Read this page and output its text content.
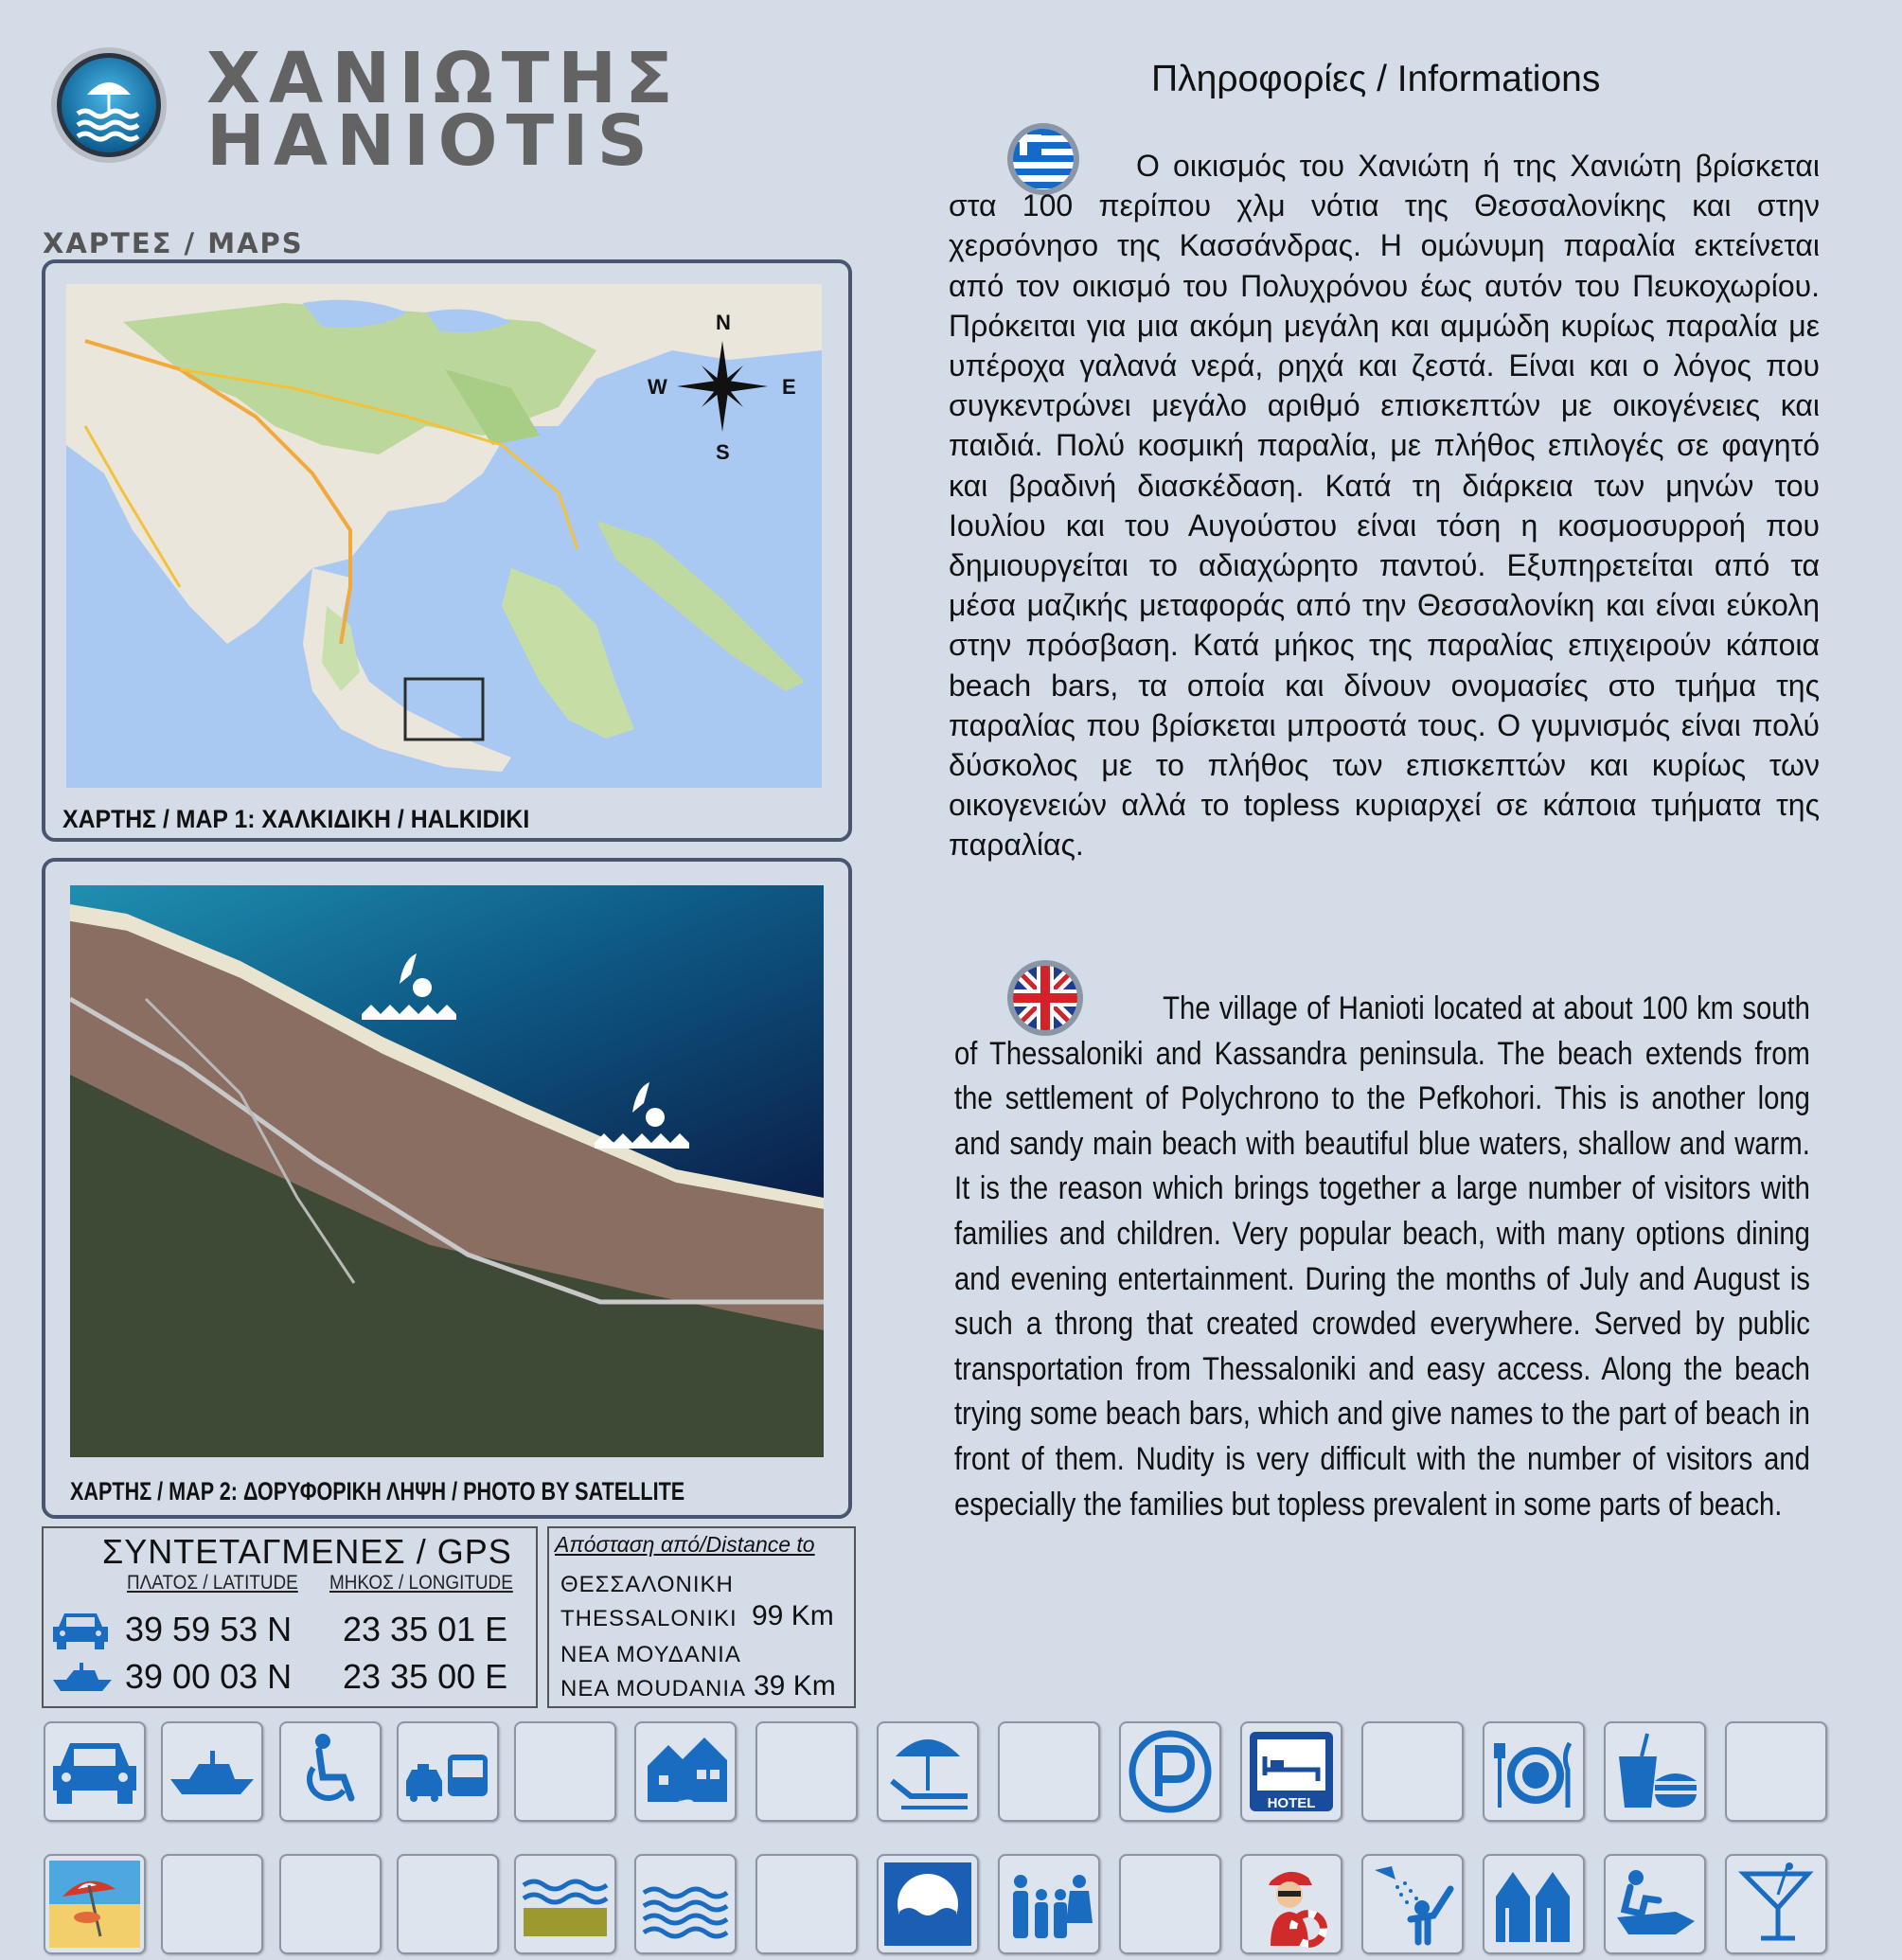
ΧΑΝΙΩΤΗΣ
HANIOTIS
ΧΑΡΤΕΣ / MAPS
N
S
E
W
ΧΑΡΤΗΣ / MAP 1: ΧΑΛΚΙΔΙΚΗ / HALKIDIKI
ΧΑΡΤΗΣ / MAP 2: ΔΟΡΥΦΟΡΙΚΗ ΛΗΨΗ / PHOTO BY SATELLITE
ΣΥΝΤΕΤΑΓΜΕΝΕΣ / GPS
ΠΛΑΤΟΣ / LATITUDE ΜΗΚΟΣ / LONGITUDE
39 59 53 N 23 35 01 E
39 00 03 N 23 35 00 E
Απόσταση από/Distance to
ΘΕΣΣΑΛΟΝΙΚΗ
THESSALONIKI 99 Km
ΝΕΑ ΜΟΥΔΑΝΙΑ
NEA MOUDANIA 39 Km
Πληροφορίες / Informations

Ο οικισμός του Χανιώτη ή της Χανιώτη βρίσκεται στα 100 περίπου χλμ νότια της Θεσσαλονίκης και στην χερσόνησο της Κασσάνδρας. Η ομώνυμη παραλία εκτείνεται από τον οικισμό του Πολυχρόνου έως αυτόν του Πευκοχωρίου. Πρόκειται για μια ακόμη μεγάλη και αμμώδη κυρίως παραλία με υπέροχα γαλανά νερά, ρηχά και ζεστά. Είναι και ο λόγος που συγκεντρώνει μεγάλο αριθμό επισκεπτών με οικογένειες και παιδιά. Πολύ κοσμική παραλία, με πλήθος επιλογές σε φαγητό και βραδινή διασκέδαση. Κατά τη διάρκεια των μηνών του Ιουλίου και του Αυγούστου είναι τόση η κοσμοσυρροή που δημιουργείται το αδιαχώρητο παντού. Εξυπηρετείται από τα μέσα μαζικής μεταφοράς από την Θεσσαλονίκη και είναι εύκολη στην πρόσβαση. Κατά μήκος της παραλίας επιχειρούν κάποια beach bars, τα οποία και δίνουν ονομασίες στο τμήμα της παραλίας που βρίσκεται μπροστά τους. Ο γυμνισμός είναι πολύ δύσκολος με το πλήθος των επισκεπτών και κυρίως των οικογενειών αλλά το topless κυριαρχεί σε κάποια τμήματα της παραλίας.

The village of Hanioti located at about 100 km south of Thessaloniki and Kassandra peninsula. The beach extends from the settlement of Polychrono to the Pefkohori. This is another long and sandy main beach with beautiful blue waters, shallow and warm. It is the reason which brings together a large number of visitors with families and children. Very popular beach, with many options dining and evening entertainment. During the months of July and August is such a throng that created crowded everywhere. Served by public transportation from Thessaloniki and easy access. Along the beach trying some beach bars, which and give names to the part of beach in front of them. Nudity is very difficult with the number of visitors and especially the families but topless prevalent in some parts of beach.

HOTEL
